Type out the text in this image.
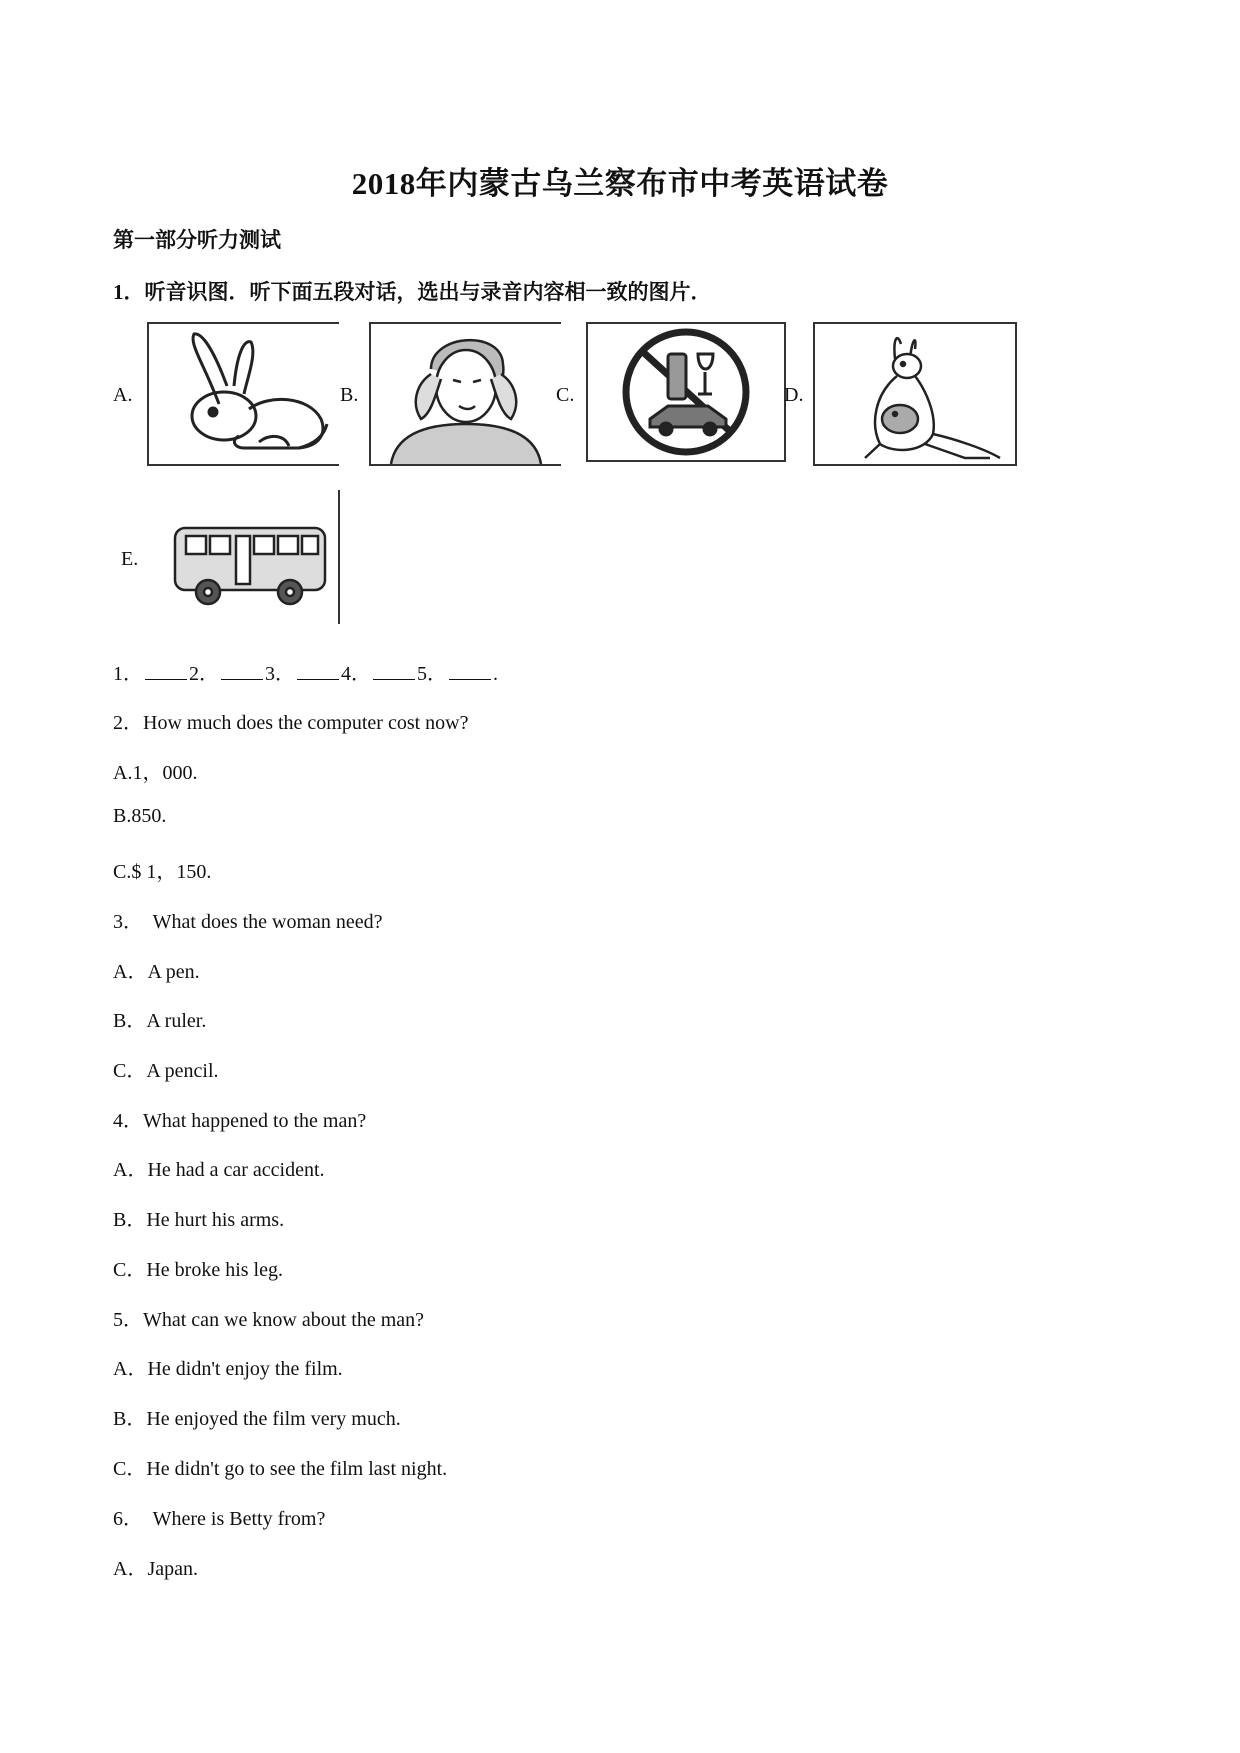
2018年内蒙古乌兰察布市中考英语试卷
第一部分听力测试
1．听音识图．听下面五段对话，选出与录音内容相一致的图片．
A.	B.	C.	D.
E.
1． 2． 3． 4． 5． .
2．How much does the computer cost now?
A.1，000.
B.850.
C.$ 1，150.
3．  What does the woman need?
A．A pen.
B．A ruler.
C．A pencil.
4．What happened to the man?
A．He had a car accident.
B．He hurt his arms.
C．He broke his leg.
5．What can we know about the man?
A．He didn't enjoy the film.
B．He enjoyed the film very much.
C．He didn't go to see the film last night.
6．  Where is Betty from?
A．Japan.
